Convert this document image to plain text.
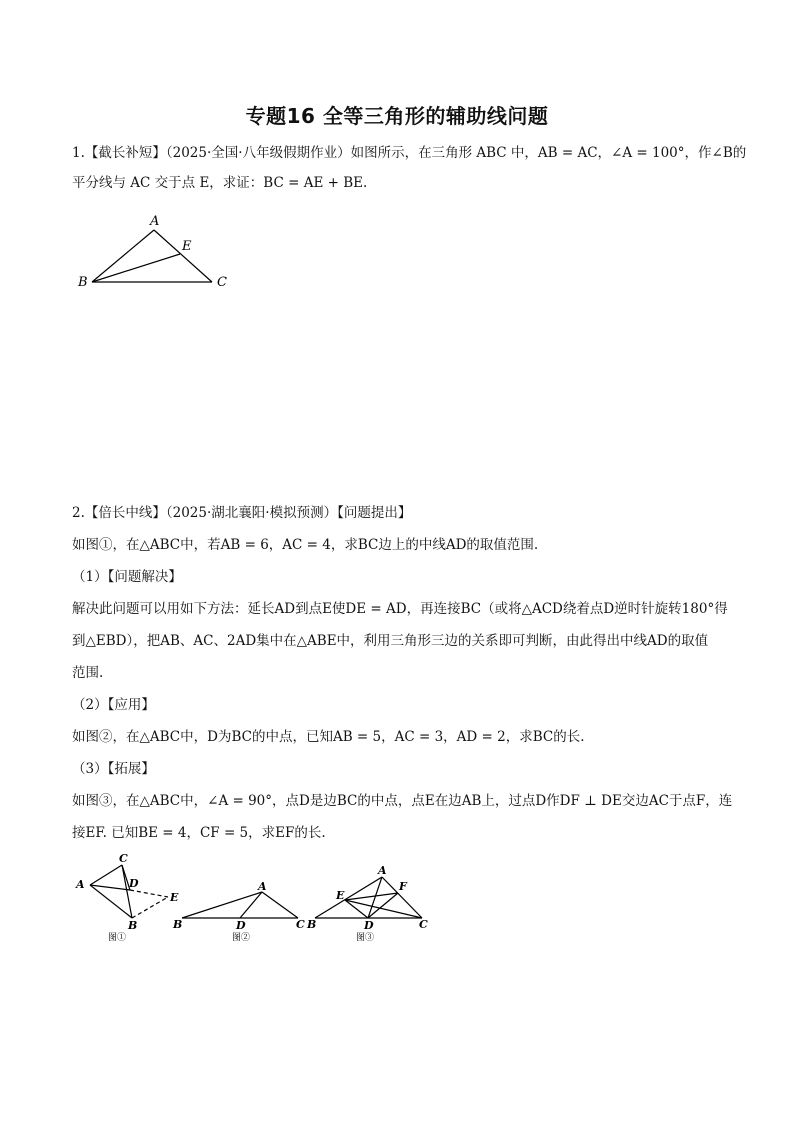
专题16 全等三角形的辅助线问题
1.【截长补短】（2025·全国·八年级假期作业）如图所示，在三角形 ABC 中，AB = AC，∠A = 100°，作∠B的
平分线与 AC 交于点 E，求证：BC = AE + BE.
A
E
B	C
2.【倍长中线】（2025·湖北襄阳·模拟预测）【问题提出】
如图①，在△ABC中，若AB = 6，AC = 4，求BC边上的中线AD的取值范围.
（1）【问题解决】
解决此问题可以用如下方法：延长AD到点E使DE = AD，再连接BC（或将△ACD绕着点D逆时针旋转180°得
到△EBD），把AB、AC、2AD集中在△ABE中，利用三角形三边的关系即可判断，由此得出中线AD的取值
范围.
（2）【应用】
如图②，在△ABC中，D为BC的中点，已知AB = 5，AC = 3，AD = 2，求BC的长.
（3）【拓展】
如图③，在△ABC中，∠A = 90°，点D是边BC的中点，点E在边AB上，过点D作DF ⊥ DE交边AC于点F，连
接EF. 已知BE = 4，CF = 5，求EF的长.
C
A	D
E
B
图①
A
B	D	C
图②
A
F
E
B	D	C
图③
